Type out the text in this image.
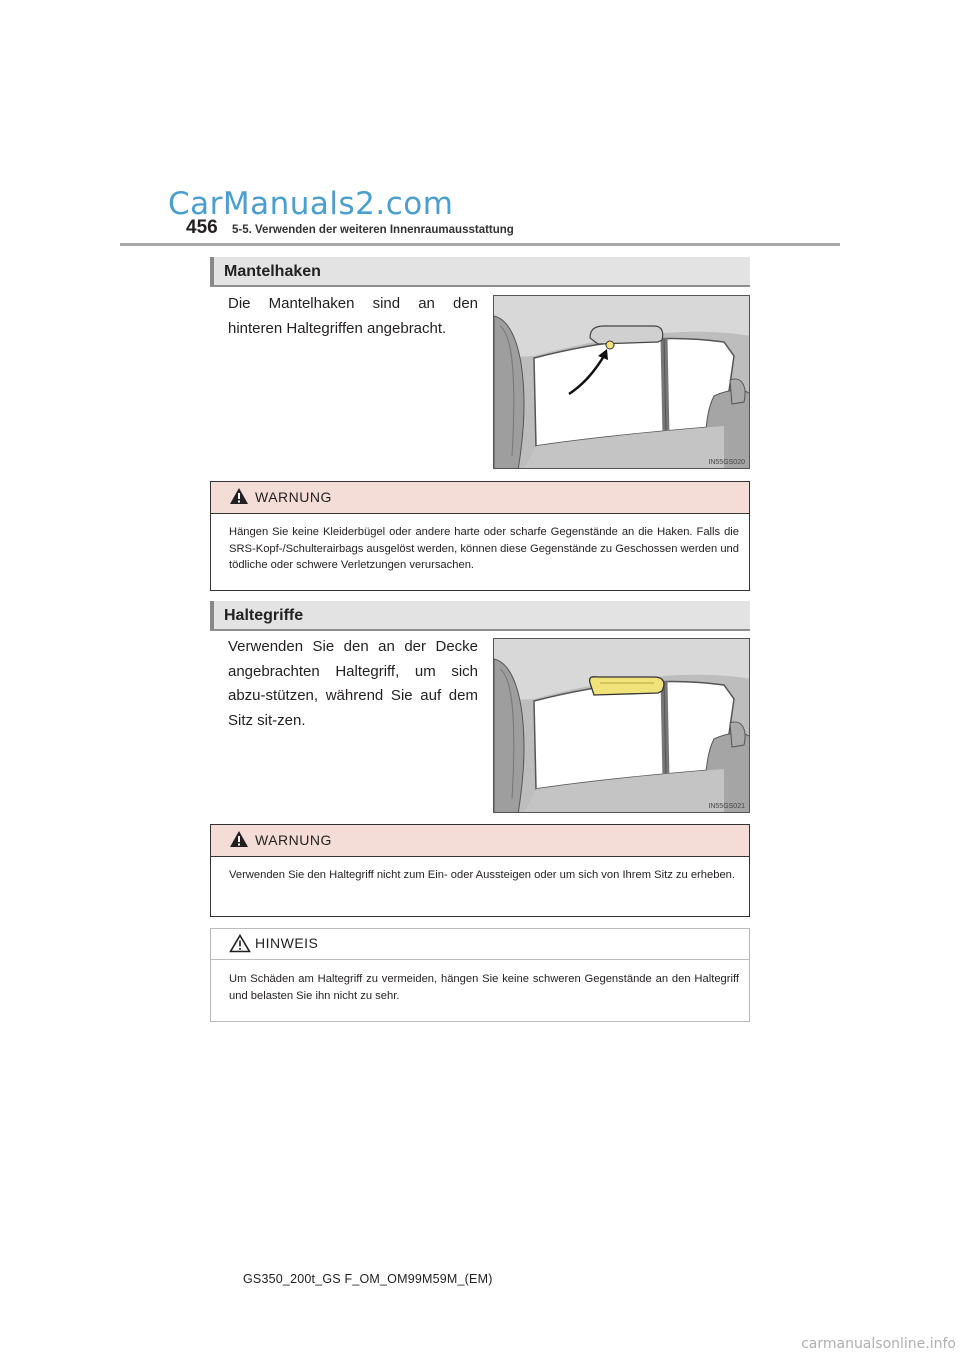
CarManuals2.com
456 5-5. Verwenden der weiteren Innenraumausstattung
Mantelhaken
Die Mantelhaken sind an den hinteren Haltegriffen angebracht.
IN55GS020
WARNUNG
Hängen Sie keine Kleiderbügel oder andere harte oder scharfe Gegenstände an die Haken. Falls die SRS-Kopf-/Schulterairbags ausgelöst werden, können diese Gegenstände zu Geschossen werden und tödliche oder schwere Verletzungen verursachen.
Haltegriffe
Verwenden Sie den an der Decke angebrachten Haltegriff, um sich abzu-stützen, während Sie auf dem Sitz sit-zen.
IN55GS021
WARNUNG
Verwenden Sie den Haltegriff nicht zum Ein- oder Aussteigen oder um sich von Ihrem Sitz zu erheben.
HINWEIS
Um Schäden am Haltegriff zu vermeiden, hängen Sie keine schweren Gegenstände an den Haltegriff und belasten Sie ihn nicht zu sehr.
GS350_200t_GS F_OM_OM99M59M_(EM)
carmanualsonline.info
